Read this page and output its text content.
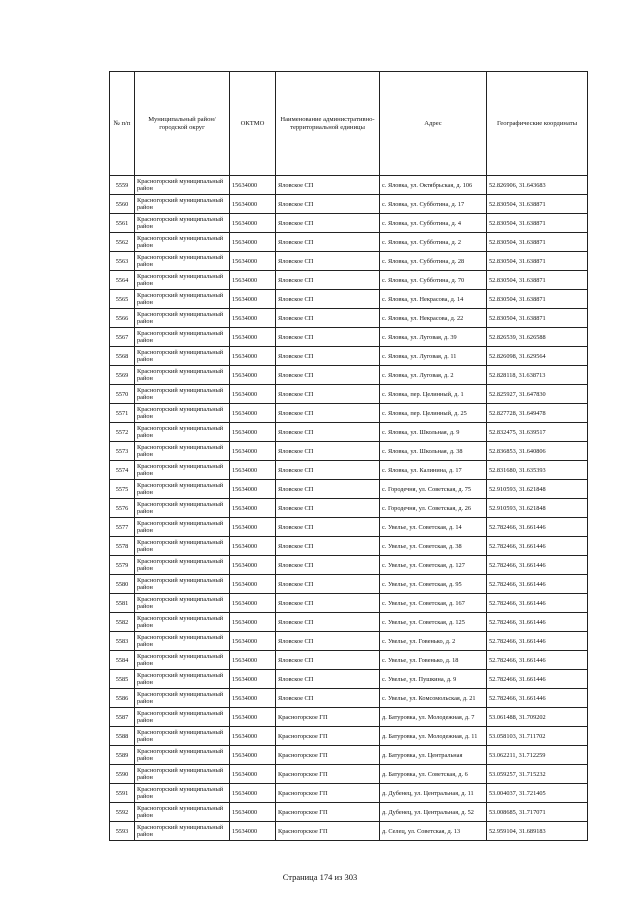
№ п/п	Муниципальный район/городской округ	ОКТМО	Наименование административно-территориальной единицы	Адрес	Географические координаты
5559	Красногорский муниципальный район	15634000	Яловское СП	с. Яловка, ул. Октябрьская, д. 106	52.826906, 31.643683
5560	Красногорский муниципальный район	15634000	Яловское СП	с. Яловка, ул. Субботина, д. 17	52.830504, 31.638871
5561	Красногорский муниципальный район	15634000	Яловское СП	с. Яловка, ул. Субботина, д. 4	52.830504, 31.638871
5562	Красногорский муниципальный район	15634000	Яловское СП	с. Яловка, ул. Субботина, д. 2	52.830504, 31.638871
5563	Красногорский муниципальный район	15634000	Яловское СП	с. Яловка, ул. Субботина, д. 28	52.830504, 31.638871
5564	Красногорский муниципальный район	15634000	Яловское СП	с. Яловка, ул. Субботина, д. 70	52.830504, 31.638871
5565	Красногорский муниципальный район	15634000	Яловское СП	с. Яловка, ул. Некрасова, д. 14	52.830504, 31.638871
5566	Красногорский муниципальный район	15634000	Яловское СП	с. Яловка, ул. Некрасова, д. 22	52.830504, 31.638871
5567	Красногорский муниципальный район	15634000	Яловское СП	с. Яловка, ул. Луговая, д. 39	52.826539, 31.626588
5568	Красногорский муниципальный район	15634000	Яловское СП	с. Яловка, ул. Луговая, д. 11	52.826098, 31.629564
5569	Красногорский муниципальный район	15634000	Яловское СП	с. Яловка, ул. Луговая, д. 2	52.828118, 31.638713
5570	Красногорский муниципальный район	15634000	Яловское СП	с. Яловка, пер. Целинный, д. 1	52.825927, 31.647830
5571	Красногорский муниципальный район	15634000	Яловское СП	с. Яловка, пер. Целинный, д. 25	52.827728, 31.649478
5572	Красногорский муниципальный район	15634000	Яловское СП	с. Яловка, ул. Школьная, д. 9	52.832475, 31.639517
5573	Красногорский муниципальный район	15634000	Яловское СП	с. Яловка, ул. Школьная, д. 38	52.836853, 31.640806
5574	Красногорский муниципальный район	15634000	Яловское СП	с. Яловка, ул. Калинина, д. 17	52.831680, 31.635393
5575	Красногорский муниципальный район	15634000	Яловское СП	с. Городечня, ул. Советская, д. 75	52.910593, 31.621848
5576	Красногорский муниципальный район	15634000	Яловское СП	с. Городечня, ул. Советская, д. 26	52.910593, 31.621848
5577	Красногорский муниципальный район	15634000	Яловское СП	с. Увелье, ул. Советская, д. 14	52.782466, 31.661446
5578	Красногорский муниципальный район	15634000	Яловское СП	с. Увелье, ул. Советская, д. 38	52.782466, 31.661446
5579	Красногорский муниципальный район	15634000	Яловское СП	с. Увелье, ул. Советская, д. 127	52.782466, 31.661446
5580	Красногорский муниципальный район	15634000	Яловское СП	с. Увелье, ул. Советская, д. 95	52.782466, 31.661446
5581	Красногорский муниципальный район	15634000	Яловское СП	с. Увелье, ул. Советская, д. 167	52.782466, 31.661446
5582	Красногорский муниципальный район	15634000	Яловское СП	с. Увелье, ул. Советская, д. 125	52.782466, 31.661446
5583	Красногорский муниципальный район	15634000	Яловское СП	с. Увелье, ул. Говенько, д. 2	52.782466, 31.661446
5584	Красногорский муниципальный район	15634000	Яловское СП	с. Увелье, ул. Говенько, д. 18	52.782466, 31.661446
5585	Красногорский муниципальный район	15634000	Яловское СП	с. Увелье, ул. Пушкина, д. 9	52.782466, 31.661446
5586	Красногорский муниципальный район	15634000	Яловское СП	с. Увелье, ул. Комсомольская, д. 21	52.782466, 31.661446
5587	Красногорский муниципальный район	15634000	Красногорское ГП	д. Батуровка, ул. Молодежная, д. 7	53.061488, 31.709202
5588	Красногорский муниципальный район	15634000	Красногорское ГП	д. Батуровка, ул. Молодежная, д. 11	53.058103, 31.711702
5589	Красногорский муниципальный район	15634000	Красногорское ГП	д. Батуровка, ул. Центральная	53.062211, 31.712259
5590	Красногорский муниципальный район	15634000	Красногорское ГП	д. Батуровка, ул. Советская, д. 6	53.059257, 31.715232
5591	Красногорский муниципальный район	15634000	Красногорское ГП	д. Дубенец, ул. Центральная, д. 11	53.004037, 31.721405
5592	Красногорский муниципальный район	15634000	Красногорское ГП	д. Дубенец, ул. Центральная, д. 52	53.008685, 31.717071
5593	Красногорский муниципальный район	15634000	Красногорское ГП	д. Селец, ул. Советская, д. 13	52.959104, 31.689183
Страница 174 из 303
